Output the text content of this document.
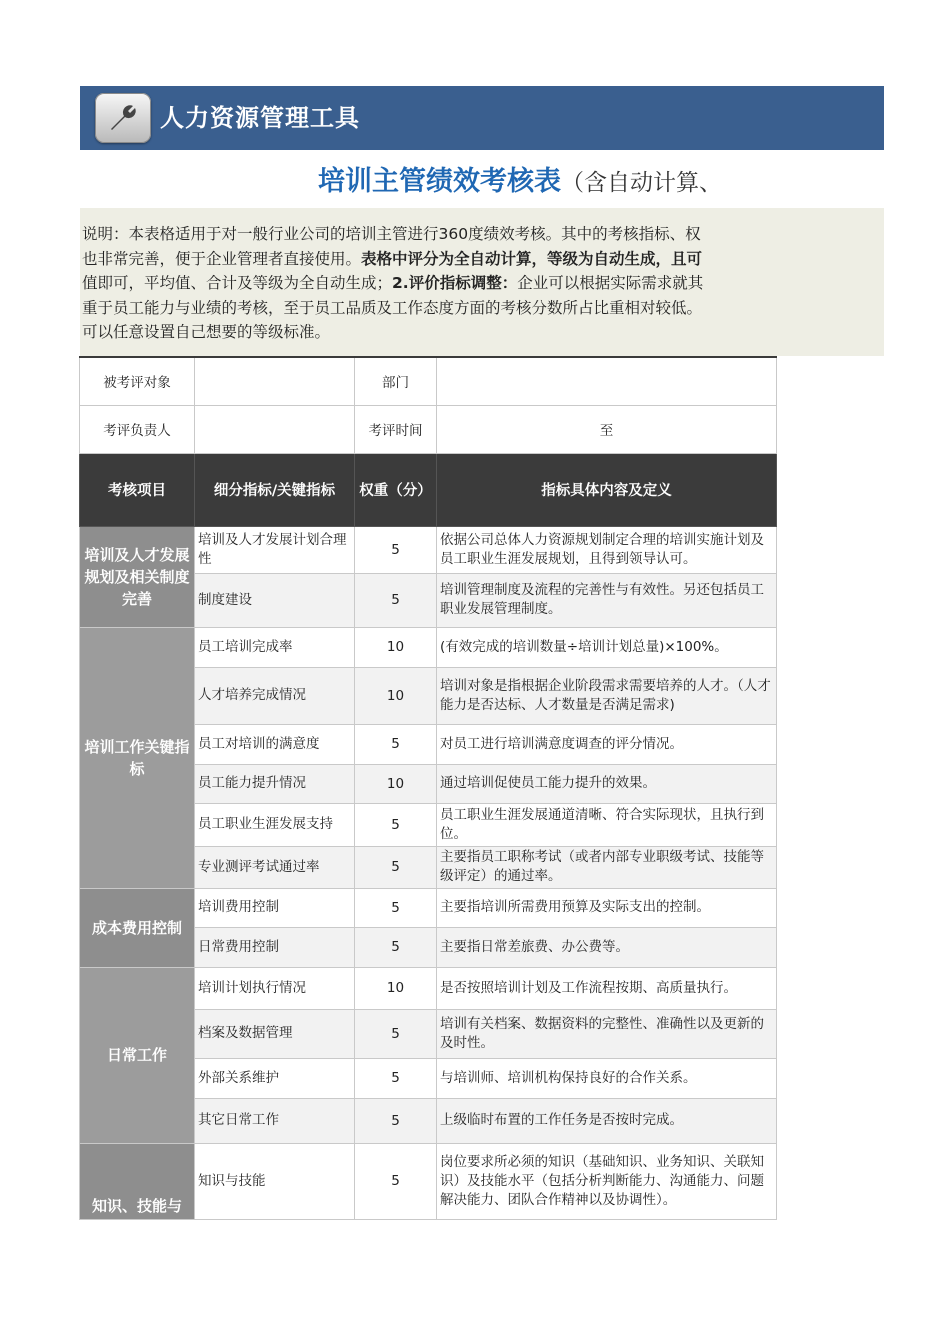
人力资源管理工具
培训主管绩效考核表（含自动计算、
说明：本表格适用于对一般行业公司的培训主管进行360度绩效考核。其中的考核指标、权
也非常完善，便于企业管理者直接使用。表格中评分为全自动计算，等级为自动生成，且可
值即可，平均值、合计及等级为全自动生成；2.评价指标调整：企业可以根据实际需求就其
重于员工能力与业绩的考核，至于员工品质及工作态度方面的考核分数所占比重相对较低。
可以任意设置自己想要的等级标准。
被考评对象		部门	
考评负责人		考评时间	至
考核项目	细分指标/关键指标	权重（分）	指标具体内容及定义
培训及人才发展规划及相关制度完善	培训及人才发展计划合理性	5	依据公司总体人力资源规划制定合理的培训实施计划及员工职业生涯发展规划，且得到领导认可。
	制度建设	5	培训管理制度及流程的完善性与有效性。另还包括员工职业发展管理制度。
培训工作关键指标	员工培训完成率	10	(有效完成的培训数量÷培训计划总量)×100%。
	人才培养完成情况	10	培训对象是指根据企业阶段需求需要培养的人才。（人才能力是否达标、人才数量是否满足需求)
	员工对培训的满意度	5	对员工进行培训满意度调查的评分情况。
	员工能力提升情况	10	通过培训促使员工能力提升的效果。
	员工职业生涯发展支持	5	员工职业生涯发展通道清晰、符合实际现状，且执行到位。
	专业测评考试通过率	5	主要指员工职称考试（或者内部专业职级考试、技能等级评定）的通过率。
成本费用控制	培训费用控制	5	主要指培训所需费用预算及实际支出的控制。
	日常费用控制	5	主要指日常差旅费、办公费等。
日常工作	培训计划执行情况	10	是否按照培训计划及工作流程按期、高质量执行。
	档案及数据管理	5	培训有关档案、数据资料的完整性、准确性以及更新的及时性。
	外部关系维护	5	与培训师、培训机构保持良好的合作关系。
	其它日常工作	5	上级临时布置的工作任务是否按时完成。
知识、技能与	知识与技能	5	岗位要求所必须的知识（基础知识、业务知识、关联知识）及技能水平（包括分析判断能力、沟通能力、问题解决能力、团队合作精神以及协调性）。
